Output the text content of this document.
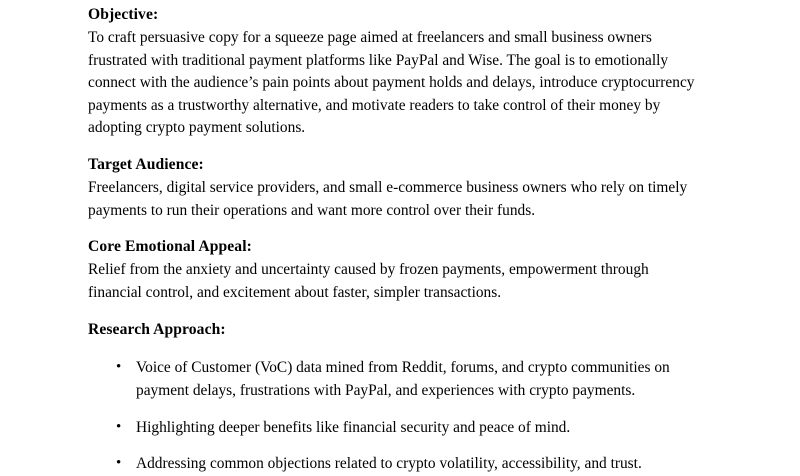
Objective:

To craft persuasive copy for a squeeze page aimed at freelancers and small business owners frustrated with traditional payment platforms like PayPal and Wise. The goal is to emotionally connect with the audience’s pain points about payment holds and delays, introduce cryptocurrency payments as a trustworthy alternative, and motivate readers to take control of their money by adopting crypto payment solutions.

Target Audience:

Freelancers, digital service providers, and small e-commerce business owners who rely on timely payments to run their operations and want more control over their funds.

Core Emotional Appeal:

Relief from the anxiety and uncertainty caused by frozen payments, empowerment through financial control, and excitement about faster, simpler transactions.

Research Approach:

• Voice of Customer (VoC) data mined from Reddit, forums, and crypto communities on payment delays, frustrations with PayPal, and experiences with crypto payments.
• Highlighting deeper benefits like financial security and peace of mind.
• Addressing common objections related to crypto volatility, accessibility, and trust.
